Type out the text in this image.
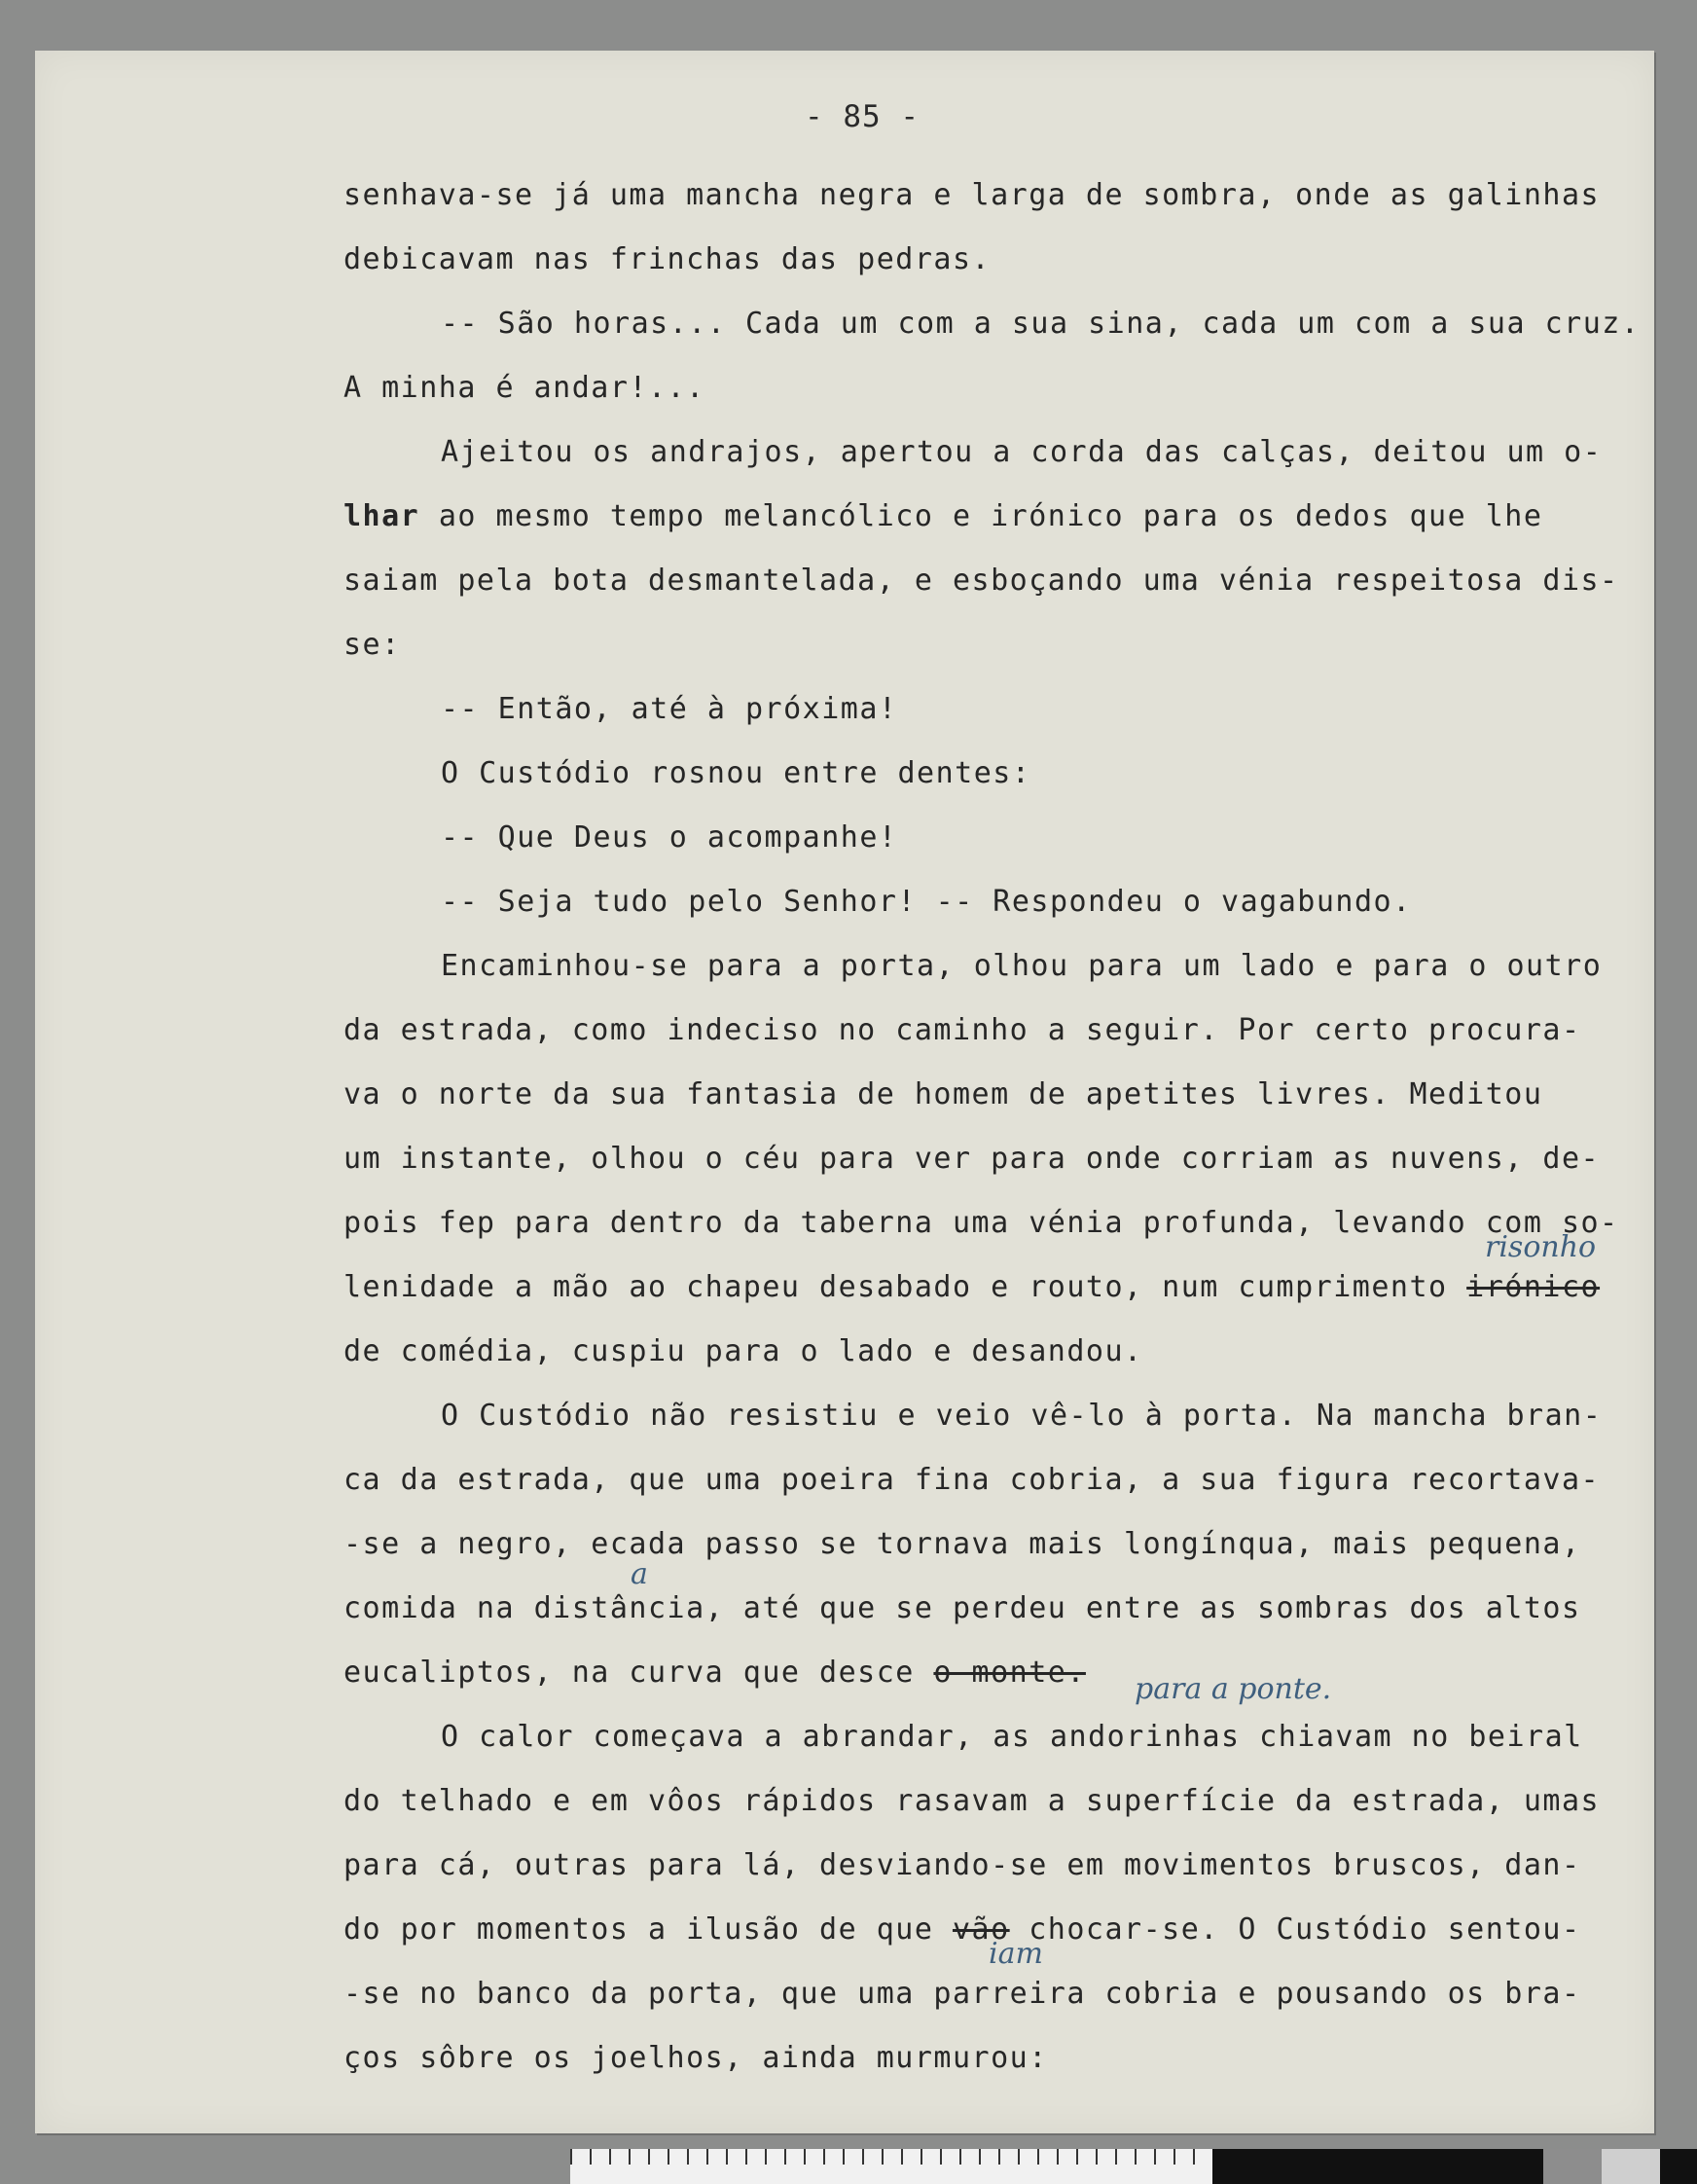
- 85 -
senhava-se já uma mancha negra e larga de sombra, onde as galinhas
debicavam nas frinchas das pedras.
-- São horas... Cada um com a sua sina, cada um com a sua cruz.
A minha é andar!...
Ajeitou os andrajos, apertou a corda das calças, deitou um o-
lhar ao mesmo tempo melancólico e irónico para os dedos que lhe
saiam pela bota desmantelada, e esboçando uma vénia respeitosa dis-
se:
-- Então, até à próxima!
O Custódio rosnou entre dentes:
-- Que Deus o acompanhe!
-- Seja tudo pelo Senhor! -- Respondeu o vagabundo.
Encaminhou-se para a porta, olhou para um lado e para o outro
da estrada, como indeciso no caminho a seguir. Por certo procura-
va o norte da sua fantasia de homem de apetites livres. Meditou
um instante, olhou o céu para ver para onde corriam as nuvens, de-
pois fep para dentro da taberna uma vénia profunda, levando com so-
lenidade a mão ao chapeu desabado e routo, num cumprimento irónico
de comédia, cuspiu para o lado e desandou.
O Custódio não resistiu e veio vê-lo à porta. Na mancha bran-
ca da estrada, que uma poeira fina cobria, a sua figura recortava-
-se a negro, ecada passo se tornava mais longínqua, mais pequena,
comida na distância, até que se perdeu entre as sombras dos altos
eucaliptos, na curva que desce o monte.
O calor começava a abrandar, as andorinhas chiavam no beiral
do telhado e em vôos rápidos rasavam a superfície da estrada, umas
para cá, outras para lá, desviando-se em movimentos bruscos, dan-
do por momentos a ilusão de que vão chocar-se. O Custódio sentou-
-se no banco da porta, que uma parreira cobria e pousando os bra-
ços sôbre os joelhos, ainda murmurou:
risonho
a
para a ponte.
iam
